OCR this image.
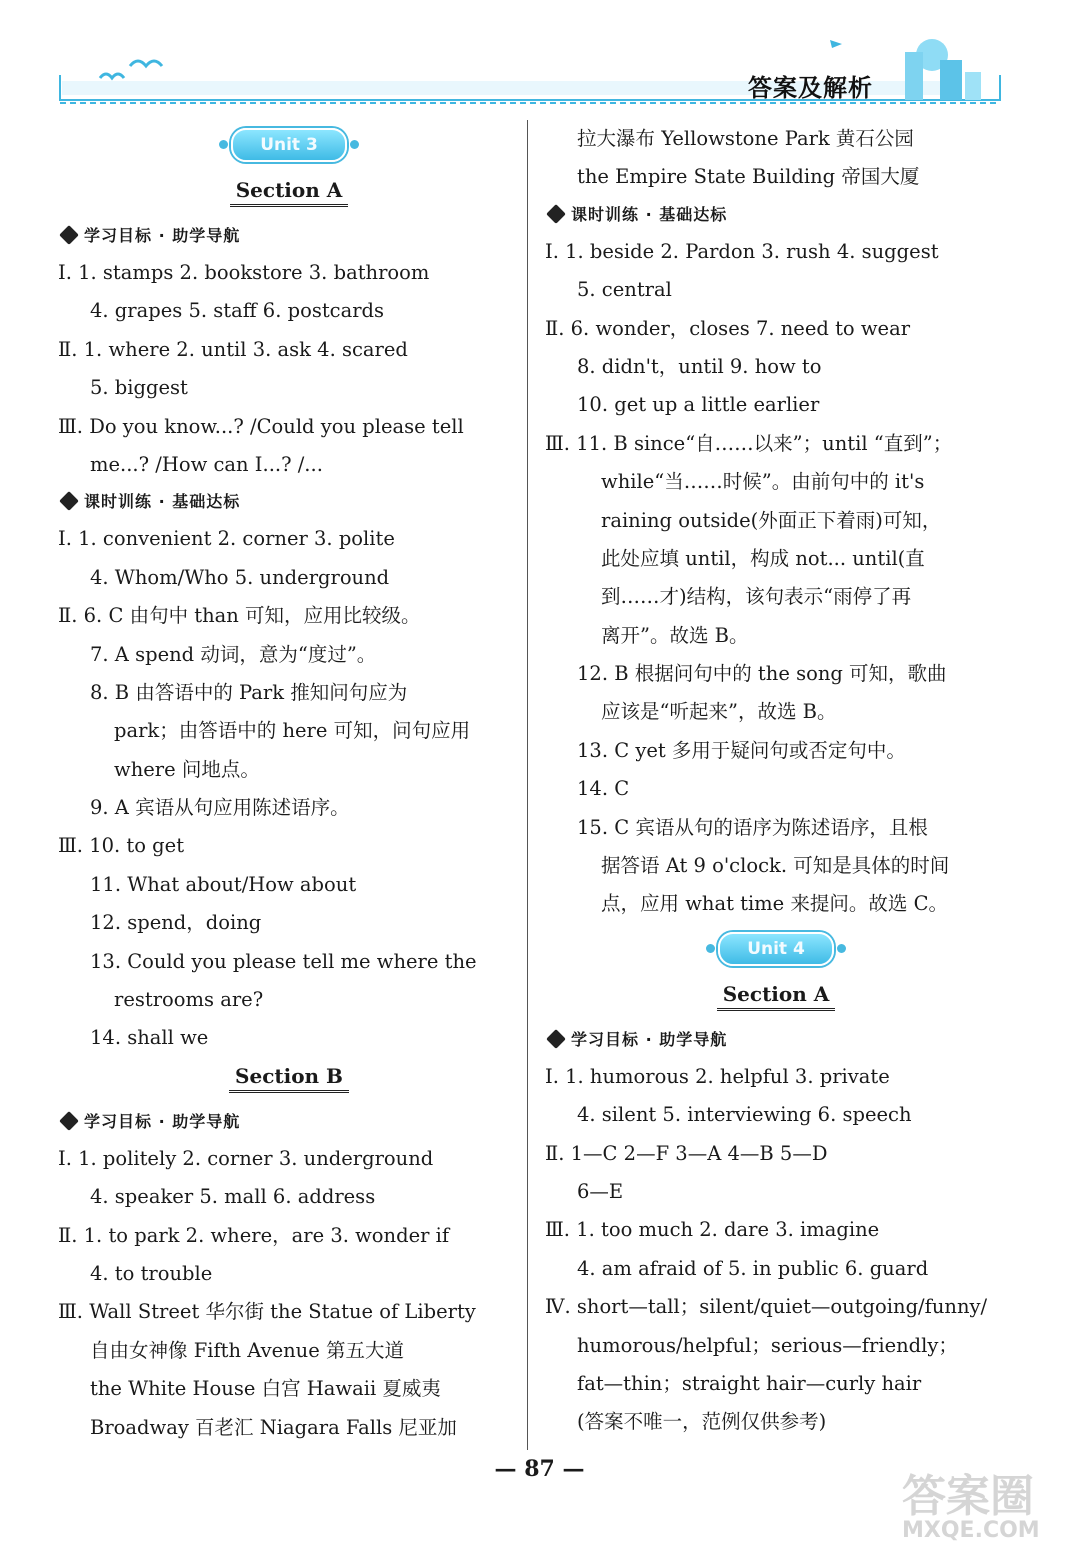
答案及解析
Unit 3
Section A
学习目标 · 助学导航
Ⅰ. 1. stamps 2. bookstore 3. bathroom
4. grapes 5. staff 6. postcards
Ⅱ. 1. where 2. until 3. ask 4. scared
5. biggest
Ⅲ. Do you know...? /Could you please tell
me...? /How can I...? /...
课时训练 · 基础达标
Ⅰ. 1. convenient 2. corner 3. polite
4. Whom/Who 5. underground
Ⅱ. 6. C 由句中 than 可知，应用比较级。
7. A spend 动词，意为“度过”。
8. B 由答语中的 Park 推知问句应为
park；由答语中的 here 可知，问句应用
where 问地点。
9. A 宾语从句应用陈述语序。
Ⅲ. 10. to get
11. What about/How about
12. spend，doing
13. Could you please tell me where the
restrooms are?
14. shall we
Section B
学习目标 · 助学导航
Ⅰ. 1. politely 2. corner 3. underground
4. speaker 5. mall 6. address
Ⅱ. 1. to park 2. where，are 3. wonder if
4. to trouble
Ⅲ. Wall Street 华尔街 the Statue of Liberty
自由女神像 Fifth Avenue 第五大道
the White House 白宫 Hawaii 夏威夷
Broadway 百老汇 Niagara Falls 尼亚加
拉大瀑布 Yellowstone Park 黄石公园
the Empire State Building 帝国大厦
课时训练 · 基础达标
Ⅰ. 1. beside 2. Pardon 3. rush 4. suggest
5. central
Ⅱ. 6. wonder，closes 7. need to wear
8. didn't，until 9. how to
10. get up a little earlier
Ⅲ. 11. B since“自……以来”；until “直到”；
while“当……时候”。由前句中的 it's
raining outside(外面正下着雨)可知，
此处应填 until，构成 not... until(直
到……才)结构，该句表示“雨停了再
离开”。故选 B。
12. B 根据问句中的 the song 可知，歌曲
应该是“听起来”，故选 B。
13. C yet 多用于疑问句或否定句中。
14. C
15. C 宾语从句的语序为陈述语序，且根
据答语 At 9 o'clock. 可知是具体的时间
点，应用 what time 来提问。故选 C。
Unit 4
Section A
学习目标 · 助学导航
Ⅰ. 1. humorous 2. helpful 3. private
4. silent 5. interviewing 6. speech
Ⅱ. 1—C 2—F 3—A 4—B 5—D
6—E
Ⅲ. 1. too much 2. dare 3. imagine
4. am afraid of 5. in public 6. guard
Ⅳ. short—tall；silent/quiet—outgoing/funny/
humorous/helpful；serious—friendly；
fat—thin；straight hair—curly hair
(答案不唯一，范例仅供参考)
— 87 —
答案圈
MXQE.COM
